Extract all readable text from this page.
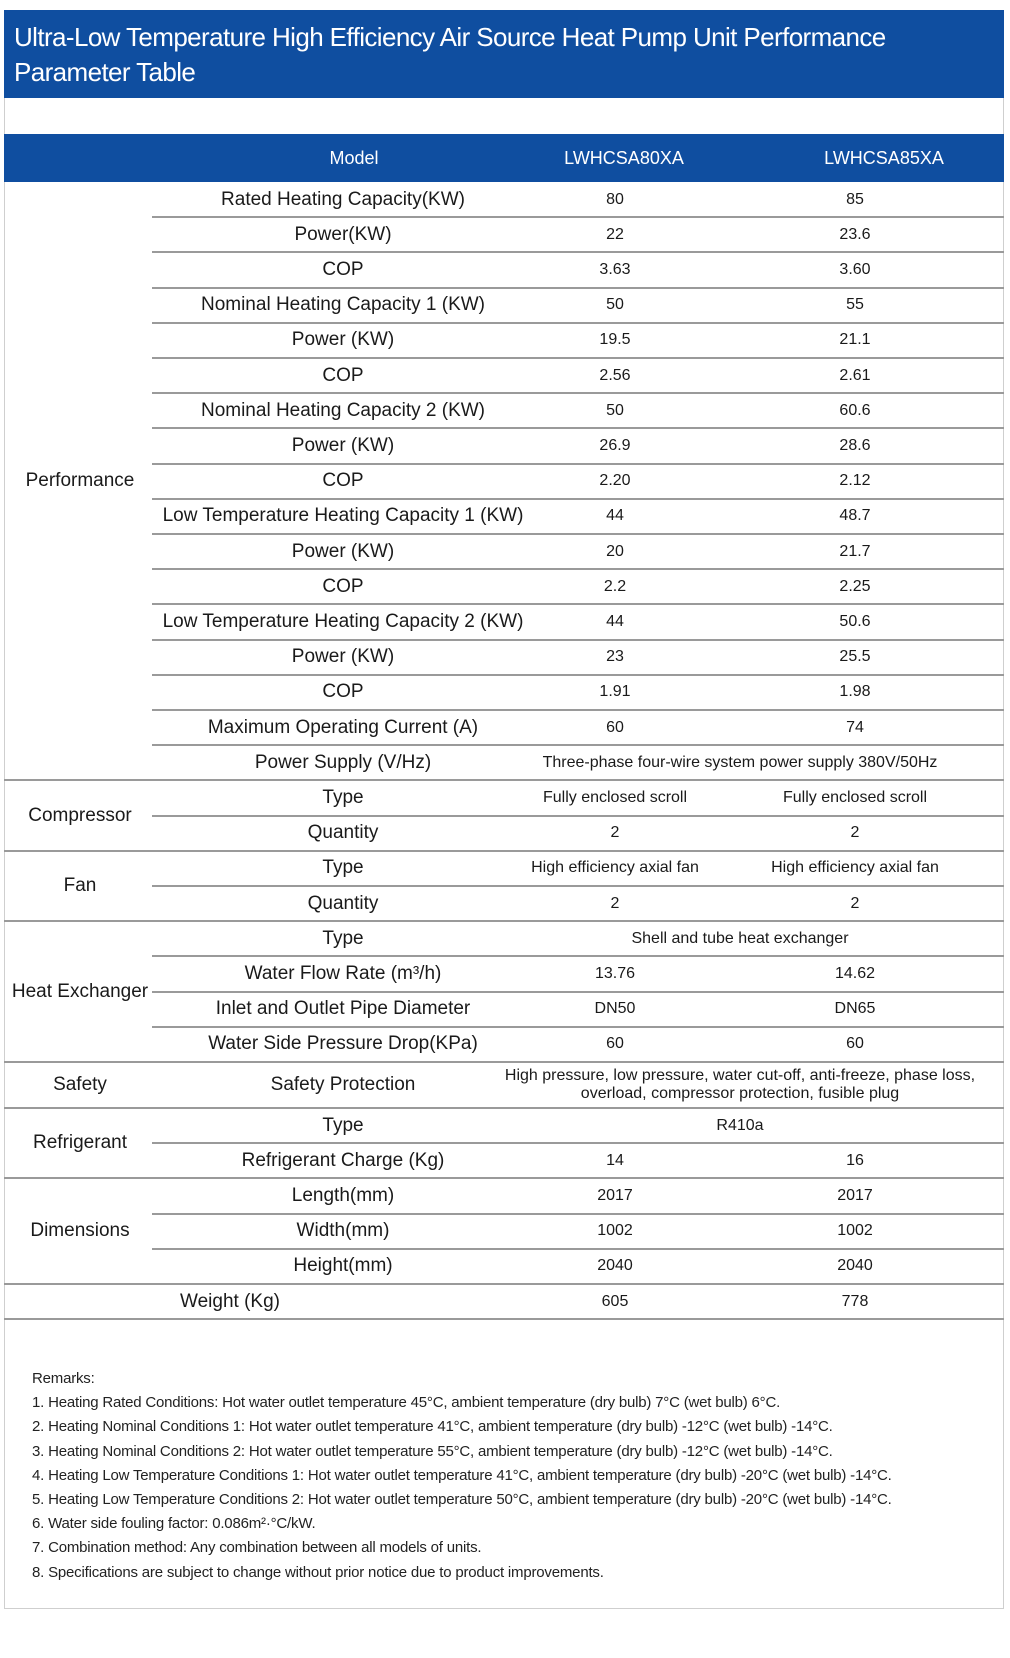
Ultra-Low Temperature High Efficiency Air Source Heat Pump Unit Performance Parameter Table
Model	LWHCSA80XA	LWHCSA85XA
Rated Heating Capacity(KW)	80	85
Power(KW)	22	23.6
COP	3.63	3.60
Nominal Heating Capacity 1 (KW)	50	55
Power (KW)	19.5	21.1
COP	2.56	2.61
Nominal Heating Capacity 2 (KW)	50	60.6
Power (KW)	26.9	28.6
COP	2.20	2.12
Low Temperature Heating Capacity 1 (KW)	44	48.7
Power (KW)	20	21.7
COP	2.2	2.25
Low Temperature Heating Capacity 2 (KW)	44	50.6
Power (KW)	23	25.5
COP	1.91	1.98
Maximum Operating Current (A)	60	74
Power Supply (V/Hz)	Three-phase four-wire system power supply 380V/50Hz
Performance
Type	Fully enclosed scroll	Fully enclosed scroll
Quantity	2	2
Compressor
Type	High efficiency axial fan	High efficiency axial fan
Quantity	2	2
Fan
Type	Shell and tube heat exchanger
Water Flow Rate (m³/h)	13.76	14.62
Inlet and Outlet Pipe Diameter	DN50	DN65
Water Side Pressure Drop(KPa)	60	60
Heat Exchanger
Safety Protection	High pressure, low pressure, water cut-off, anti-freeze, phase loss,
overload, compressor protection, fusible plug
Safety
Type	R410a
Refrigerant Charge (Kg)	14	16
Refrigerant
Length(mm)	2017	2017
Width(mm)	1002	1002
Height(mm)	2040	2040
Dimensions
Weight (Kg)	605	778
Remarks:
1. Heating Rated Conditions: Hot water outlet temperature 45°C, ambient temperature (dry bulb) 7°C (wet bulb) 6°C.
2. Heating Nominal Conditions 1: Hot water outlet temperature 41°C, ambient temperature (dry bulb) -12°C (wet bulb) -14°C.
3. Heating Nominal Conditions 2: Hot water outlet temperature 55°C, ambient temperature (dry bulb) -12°C (wet bulb) -14°C.
4. Heating Low Temperature Conditions 1: Hot water outlet temperature 41°C, ambient temperature (dry bulb) -20°C (wet bulb) -14°C.
5. Heating Low Temperature Conditions 2: Hot water outlet temperature 50°C, ambient temperature (dry bulb) -20°C (wet bulb) -14°C.
6. Water side fouling factor: 0.086m²·°C/kW.
7. Combination method: Any combination between all models of units.
8. Specifications are subject to change without prior notice due to product improvements.
